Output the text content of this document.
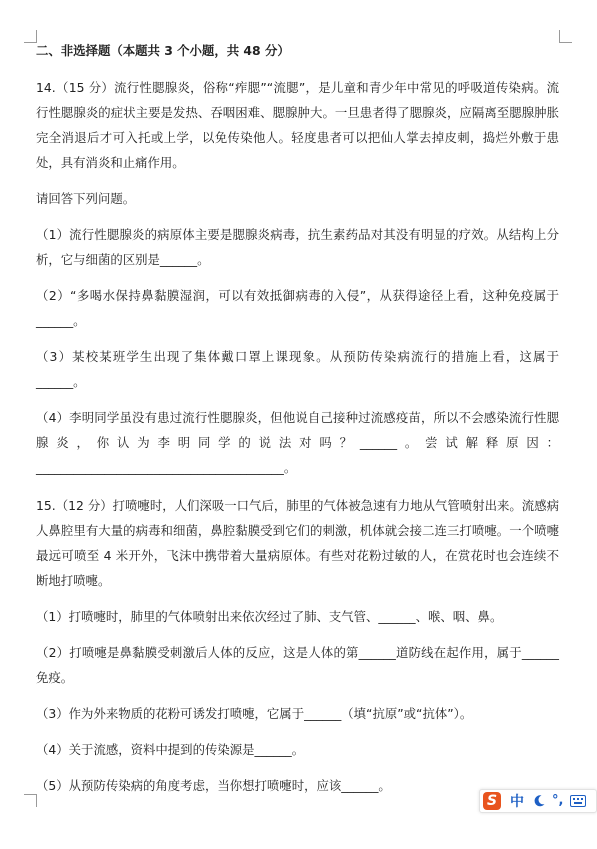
二、非选择题（本题共 3 个小题，共 48 分）
14.（15 分）流行性腮腺炎，俗称“痄腮”“流腮”，是儿童和青少年中常见的呼吸道传染病。流行性腮腺炎的症状主要是发热、吞咽困难、腮腺肿大。一旦患者得了腮腺炎，应隔离至腮腺肿胀完全消退后才可入托或上学，以免传染他人。轻度患者可以把仙人掌去掉皮刺，捣烂外敷于患处，具有消炎和止痛作用。
请回答下列问题。
（1）流行性腮腺炎的病原体主要是腮腺炎病毒，抗生素药品对其没有明显的疗效。从结构上分析，它与细菌的区别是______。
（2）“多喝水保持鼻黏膜湿润，可以有效抵御病毒的入侵”，从获得途径上看，这种免疫属于______。
（3）某校某班学生出现了集体戴口罩上课现象。从预防传染病流行的措施上看，这属于______。
（4）李明同学虽没有患过流行性腮腺炎，但他说自己接种过流感疫苗，所以不会感染流行性腮腺炎，你认为李明同学的说法对吗？______。尝试解释原因：
________________________________________。
15.（12 分）打喷嚏时，人们深吸一口气后，肺里的气体被急速有力地从气管喷射出来。流感病人鼻腔里有大量的病毒和细菌，鼻腔黏膜受到它们的刺激，机体就会接二连三打喷嚏。一个喷嚏最远可喷至 4 米开外，飞沫中携带着大量病原体。有些对花粉过敏的人，在赏花时也会连续不断地打喷嚏。
（1）打喷嚏时，肺里的气体喷射出来依次经过了肺、支气管、______、喉、咽、鼻。
（2）打喷嚏是鼻黏膜受刺激后人体的反应，这是人体的第______道防线在起作用，属于______免疫。
（3）作为外来物质的花粉可诱发打喷嚏，它属于______（填“抗原”或“抗体”）。
（4）关于流感，资料中提到的传染源是______。
（5）从预防传染病的角度考虑，当你想打喷嚏时，应该______。
S 中 °,
